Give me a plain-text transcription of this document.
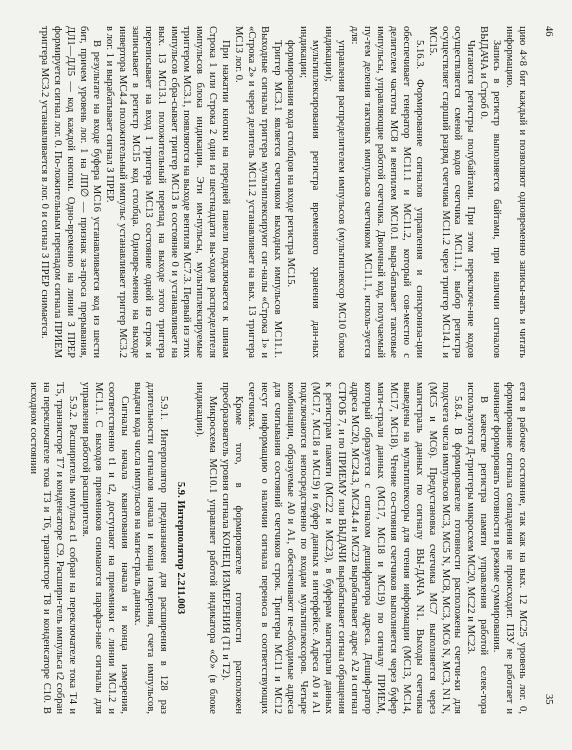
46
35

цию 4×8 бит каждый и позволяют одновременно записы-вать и читать информацию.

Запись в регистр выполняется байтами, при наличии сигналов ВЫДАЧА и Строб 0.

Читаются регистры полубайтами. При этом переключе-ние кодов осуществляется сменой кодов счетчика МС11.1, выбор регистра осуществляет старший разряд счетчика МС11.2 через триггер МС14.1 и МС15.

5.16.3. Формирование сигналов управления и синхрониза-ции обеспечивает генератор МС11.1 и МС11.2, который сов-местно с делителем частоты МС8 и вентилем МС10.1 выра-батывает тактовые импульсы, управляющие работой счетчика. Двоичный код, получаемый пу-тем деления тактовых импульсов счетчиком МС11.1, исполь-зуется для:

управления распределителем импульсов (мультиплексор МС10 блока индикации);

мультиплексирования регистра временного хранения дан-ных индикации;

формирования кода столбцов на входе регистра МС15.

Триггер МС3.1 является счетчиком выходных импульсов МС11.1. Выходные сигналы триггера мультиплексируют сиг-налы «Строка 1» и «Строка 2» и через делитель МС11.2 устанавливает на вых. 13 триггера МС13 лог. 0.

При нажатии кнопки на передней панели подключается к шинам Строка 1 или Строка 2 один из шестнадцати вы-ходов распределителя импульсов блока индикации. Эти им-пульсы, мультиплексируемые триггером МС3.1, появляются на выходе вентиля МС7.3. Первый из этих импульсов сбра-сывает триггер МС13 в состояние 0 и устанавливает на вых. 13 МС13.1 положительный перепад на выходе этого триггера переписывает на вход 1 триггера МС13 состояние одной из строк и записывает в регистр МС15 код столбца. Одновре-менно на выходе инвертора МС4.4 положительный импульс устанавливает триггер МС3.2 в лог. 1 и вырабатывает сигнал З ПРЕР.

В результате на входе буфера МС16 устанавливается код из шести бит, причем уровень лог. 1 на ЛП∅ — признак за-проса прерывания, ДЛ1—ДЛ5 — код каждой кнопки. Одно-временно на линии З ПРЕР формируется сигнал лог. 0. По-ложительным перепадом сигнала ПРИЕМ триггера МС3.2 устанавливается в лог. 0 и сигнал З ПРЕР снимается.

ется в рабочее состояние, так как на вых. 12 МС25 уровень лог. 0, формирование сигнала совпадения не происходит. ПЗУ не работает и начинает формировать готовности в режиме суммирования.

В качестве регистра памяти управления работой селек-тора используются Д-триггеры микросхем МС20, МС22 и МС23.

5.8.4. В формирователе готовности расположены счетчи-ки для подсчета числа импульсов МС3, МС5 N, МС8, МС3, МС6 N, МС3, N1 N, (МС5 и МС6). Предустановка счетчика МС7 выполняется через магистраль данных по сигналу ВЫ-ДАЧА N1. Выходы счетчика выведены на мультиплексоры для чтения информации (МС13, МС14, МС17, МС18). Чтение со-стояния счетчиков выполняется через буфер маги-страли данных (МС17, МС18 и МС19) по сигналу ПРИЕМ, который образуется с сигналом дешифратора адреса. Дешиф-ратор адреса МС20, МС24.3, МС24.4 и МС23 вырабатывает адрес А2 и сигнал СТРОБ 7, и по ПРИЕМУ или ВЫДАЧИ вырабатывает сигнал обращения к регистрам памяти (МС22 и МС23), в буферам магистрали данных (МС17, МС18 и МС19) и буфер данных в интерфейсе. Адреса А0 и А1 подключаются непосредственно по входам мультиплексоров. Четыре комбинации, образуемые А0 и А1, обеспечивают не-обходимые адреса для считывания состояний счетчиков строк. Триггеры МС11 и МС12 несут информацию о наличии сигнала переноса в соответствующих счетчиках.

Кроме того, в формирователе готовности расположен преобразователь уровня сигнала КОНЕЦ ИЗМЕРЕНИЯ (Т1 и Т2).

Микросхема МС10.1 управляет работой индикатора «∅» (в блоке индикации).

5.9. Интерполятор 2.211.003

5.9.1. Интерполятор предназначен для расширения в 128 раз длительности сигналов начала и конца измерения, счета импульсов, выдачи кода числа импульсов на маги-страль данных.

Сигналы начала квантования начала и конца измерения, соответственно t1 и t2, доступают на приемники с линии МС1.2 и МС1.1. С выходов приемников снимаются парафаз-ные сигналы для управления работой расширителя.

5.9.2. Расширитель импульса t1 собран на переключателе тока Т4 и Т5, транзисторе Т7 и конденсаторе С9. Расшири-тель импульса t2 собран на переключателе тока Т3 и Т6, транзисторе Т8 и конденсаторе С10. В исходном состоянии
